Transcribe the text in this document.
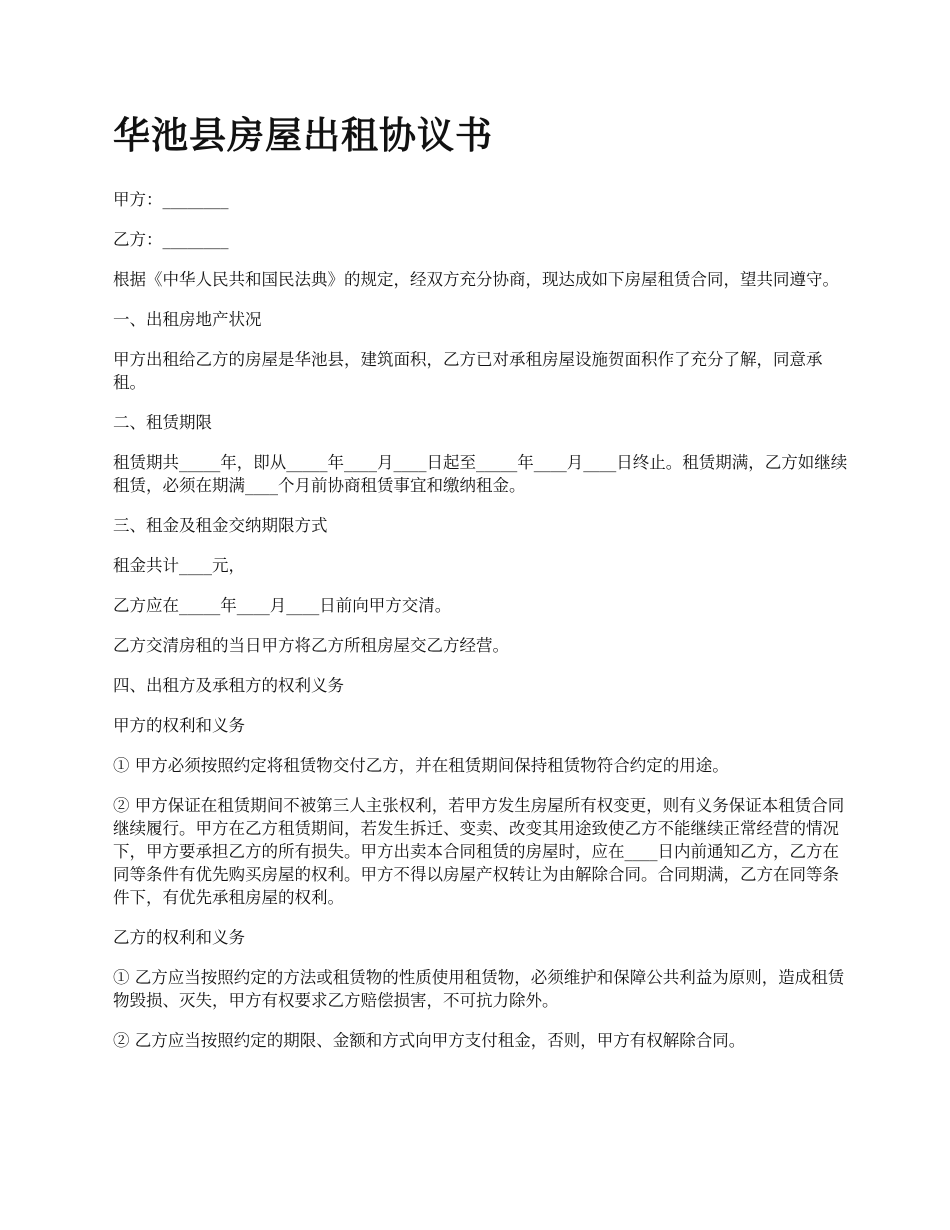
华池县房屋出租协议书

甲方：________

乙方：________

根据《中华人民共和国民法典》的规定，经双方充分协商，现达成如下房屋租赁合同，望共同遵守。

一、出租房地产状况

甲方出租给乙方的房屋是华池县，建筑面积，乙方已对承租房屋设施贺面积作了充分了解，同意承租。

二、租赁期限

租赁期共_____年，即从_____年____月____日起至_____年____月____日终止。租赁期满，乙方如继续租赁，必须在期满____个月前协商租赁事宜和缴纳租金。

三、租金及租金交纳期限方式

租金共计____元，

乙方应在_____年____月____日前向甲方交清。

乙方交清房租的当日甲方将乙方所租房屋交乙方经营。

四、出租方及承租方的权利义务

甲方的权利和义务

① 甲方必须按照约定将租赁物交付乙方，并在租赁期间保持租赁物符合约定的用途。

② 甲方保证在租赁期间不被第三人主张权利，若甲方发生房屋所有权变更，则有义务保证本租赁合同继续履行。甲方在乙方租赁期间，若发生拆迁、变卖、改变其用途致使乙方不能继续正常经营的情况下，甲方要承担乙方的所有损失。甲方出卖本合同租赁的房屋时，应在____日内前通知乙方，乙方在同等条件有优先购买房屋的权利。甲方不得以房屋产权转让为由解除合同。合同期满，乙方在同等条件下，有优先承租房屋的权利。

乙方的权利和义务

① 乙方应当按照约定的方法或租赁物的性质使用租赁物，必须维护和保障公共利益为原则，造成租赁物毁损、灭失，甲方有权要求乙方赔偿损害，不可抗力除外。

② 乙方应当按照约定的期限、金额和方式向甲方支付租金，否则，甲方有权解除合同。
